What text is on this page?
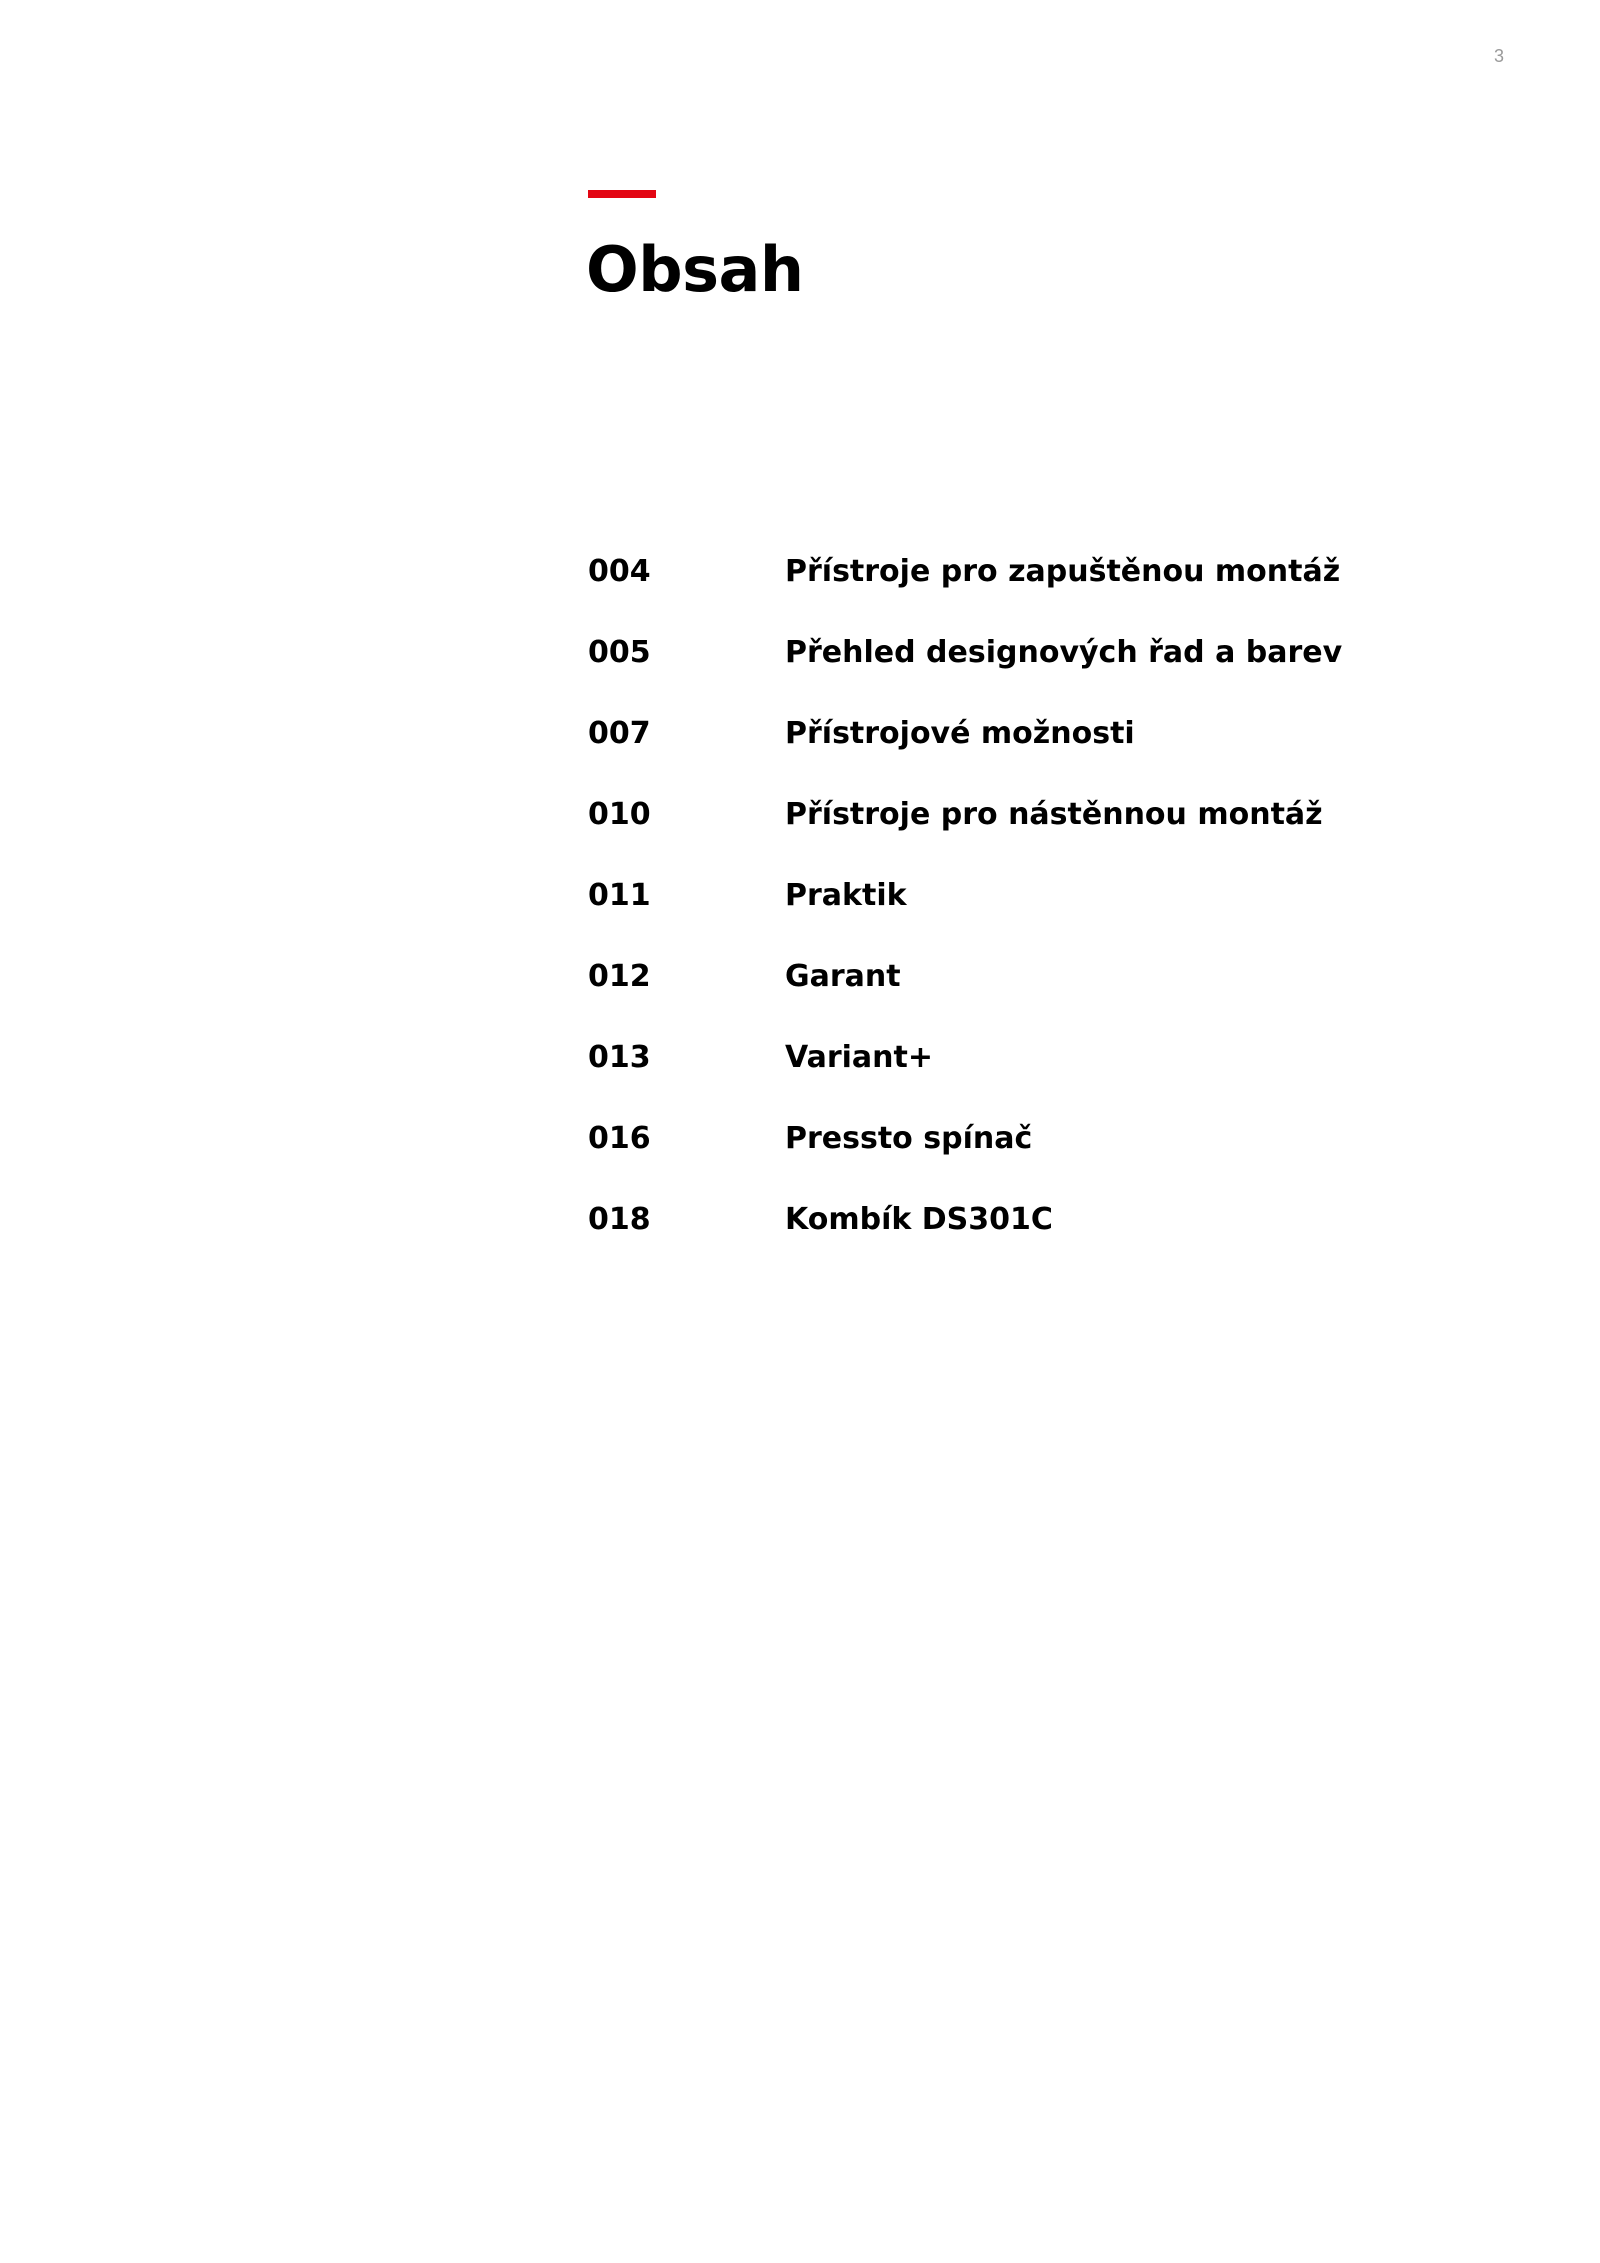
3
Obsah
004	Přístroje pro zapuštěnou montáž
005	Přehled designových řad a barev
007	Přístrojové možnosti
010	Přístroje pro nástěnnou montáž
011	Praktik
012	Garant
013	Variant+
016	Pressto spínač
018	Kombík DS301C
